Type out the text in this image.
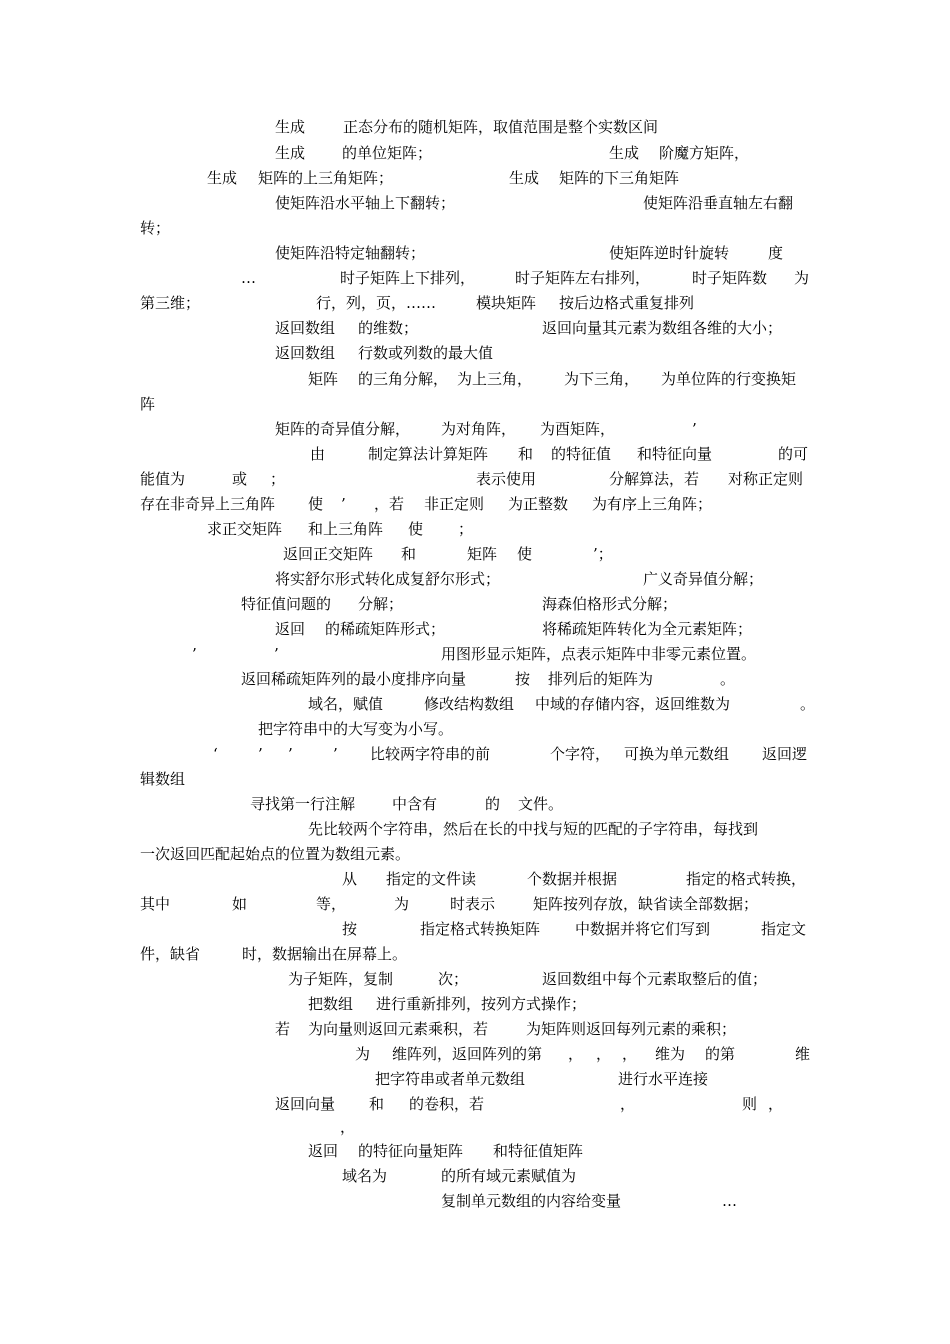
生成	正态分布的随机矩阵，取值范围是整个实数区间
生成 的单位矩阵；	生成 阶魔方矩阵，
生成 矩阵的上三角矩阵；	生成 矩阵的下三角矩阵
使矩阵沿水平轴上下翻转；	使矩阵沿垂直轴左右翻
转；
使矩阵沿特定轴翻转；	使矩阵逆时针旋转	度
…	时子矩阵上下排列，	时子矩阵左右排列，	时子矩阵数 为
第三维；	行，列，页，……	模块矩阵 按后边格式重复排列
返回数组 的维数；	返回向量其元素为数组各维的大小；
返回数组 行数或列数的最大值
矩阵 的三角分解， 为上三角， 为下三角， 为单位阵的行变换矩
阵
矩阵的奇异值分解， 为对角阵， 为酉矩阵，	’
由	制定算法计算矩阵 和 的特征值 和特征向量	的可
能值为	或 ；	表示使用	分解算法，若 对称正定则
存在非奇异上三角阵 使 ’ ，若 非正定则 为正整数 为有序上三角阵；
求正交矩阵 和上三角阵 使 ；
返回正交矩阵 和	矩阵 使	’；
将实舒尔形式转化成复舒尔形式；	广义奇异值分解；
特征值问题的 分解；	海森伯格形式分解；
返回 的稀疏矩阵形式；	将稀疏矩阵转化为全元素矩阵；
’	’	用图形显示矩阵，点表示矩阵中非零元素位置。
返回稀疏矩阵列的最小度排序向量	按 排列后的矩阵为	。
域名，赋值	修改结构数组 中域的存储内容，返回维数为	。
把字符串中的大写变为小写。
‘	’ ’	’ 比较两字符串的前	个字符， 可换为单元数组 返回逻
辑数组
寻找第一行注解 中含有	的 文件。
先比较两个字符串，然后在长的中找与短的匹配的子字符串，每找到
一次返回匹配起始点的位置为数组元素。
从 指定的文件读	个数据并根据	指定的格式转换，
其中	如	等，	为	时表示	矩阵按列存放，缺省读全部数据；
按	指定格式转换矩阵 中数据并将它们写到	指定文
件，缺省	时，数据输出在屏幕上。
为子矩阵，复制	次；	返回数组中每个元素取整后的值；
把数组 进行重新排列，按列方式操作；
若 为向量则返回元素乘积，若	为矩阵则返回每列元素的乘积；
为 维阵列，返回阵列的第 ， ， ， 维为 的第	维
把字符串或者单元数组	进行水平连接
返回向量 和 的卷积，若	，	则 ，
，
返回 的特征向量矩阵 和特征值矩阵
域名为	的所有域元素赋值为
复制单元数组的内容给变量	…
